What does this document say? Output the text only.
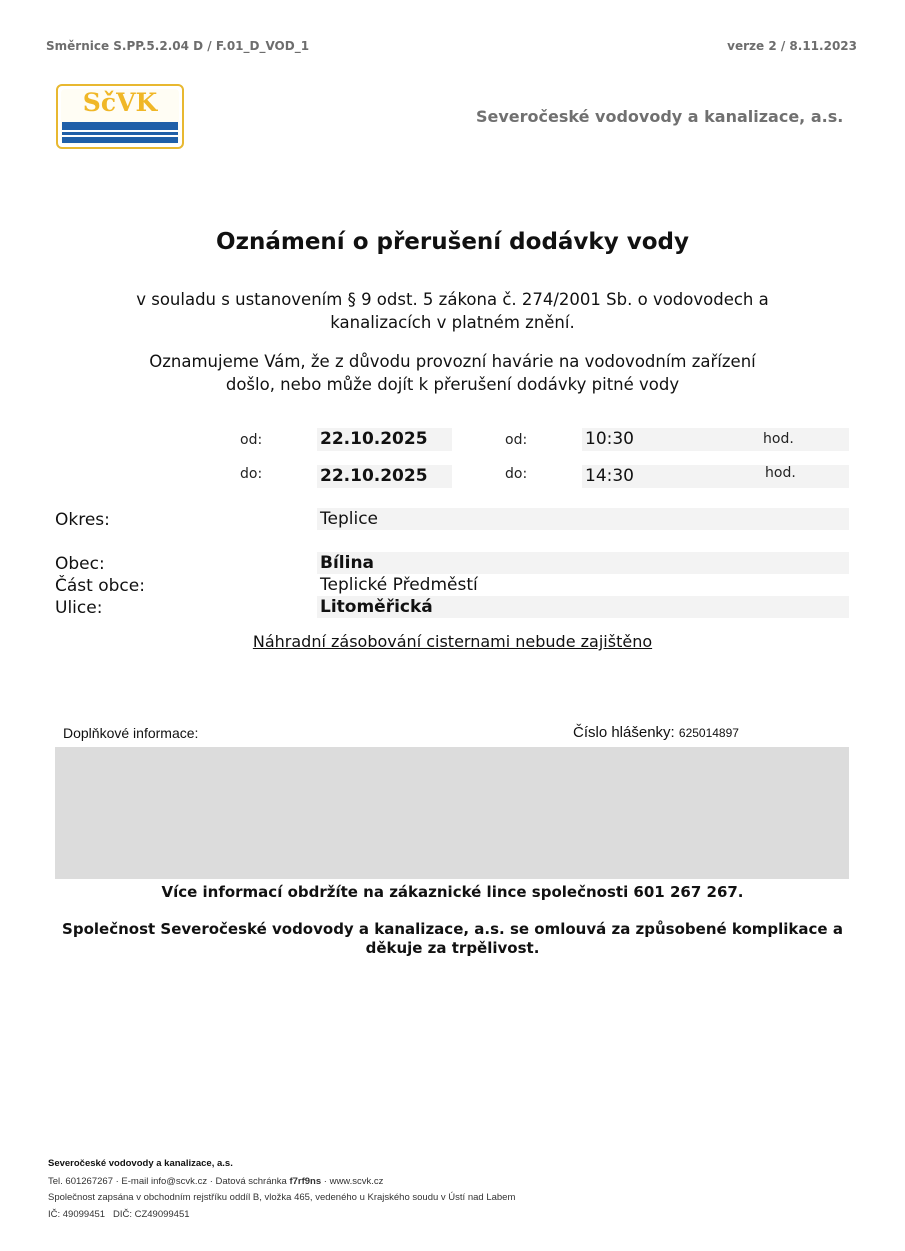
Směrnice S.PP.5.2.04 D / F.01_D_VOD_1	verze 2 / 8.11.2023
SčVK	Severočeské vodovody a kanalizace, a.s.
Oznámení o přerušení dodávky vody
v souladu s ustanovením § 9 odst. 5 zákona č. 274/2001 Sb. o vodovodech a
kanalizacích v platném znění.
Oznamujeme Vám, že z důvodu provozní havárie na vodovodním zařízení
došlo, nebo může dojít k přerušení dodávky pitné vody
od:	22.10.2025	od:	10:30	hod.
do:	22.10.2025	do:	14:30	hod.
Okres:	Teplice
Obec:	Bílina
Část obce:	Teplické Předměstí
Ulice:	Litoměřická
Náhradní zásobování cisternami nebude zajištěno
Doplňkové informace:	Číslo hlášenky: 625014897
Více informací obdržíte na zákaznické lince společnosti 601 267 267.
Společnost Severočeské vodovody a kanalizace, a.s. se omlouvá za způsobené komplikace a
děkuje za trpělivost.
Severočeské vodovody a kanalizace, a.s.
Tel. 601267267 · E-mail info@scvk.cz · Datová schránka f7rf9ns · www.scvk.cz
Společnost zapsána v obchodním rejstříku oddíl B, vložka 465, vedeného u Krajského soudu v Ústí nad Labem
IČ: 49099451   DIČ: CZ49099451
